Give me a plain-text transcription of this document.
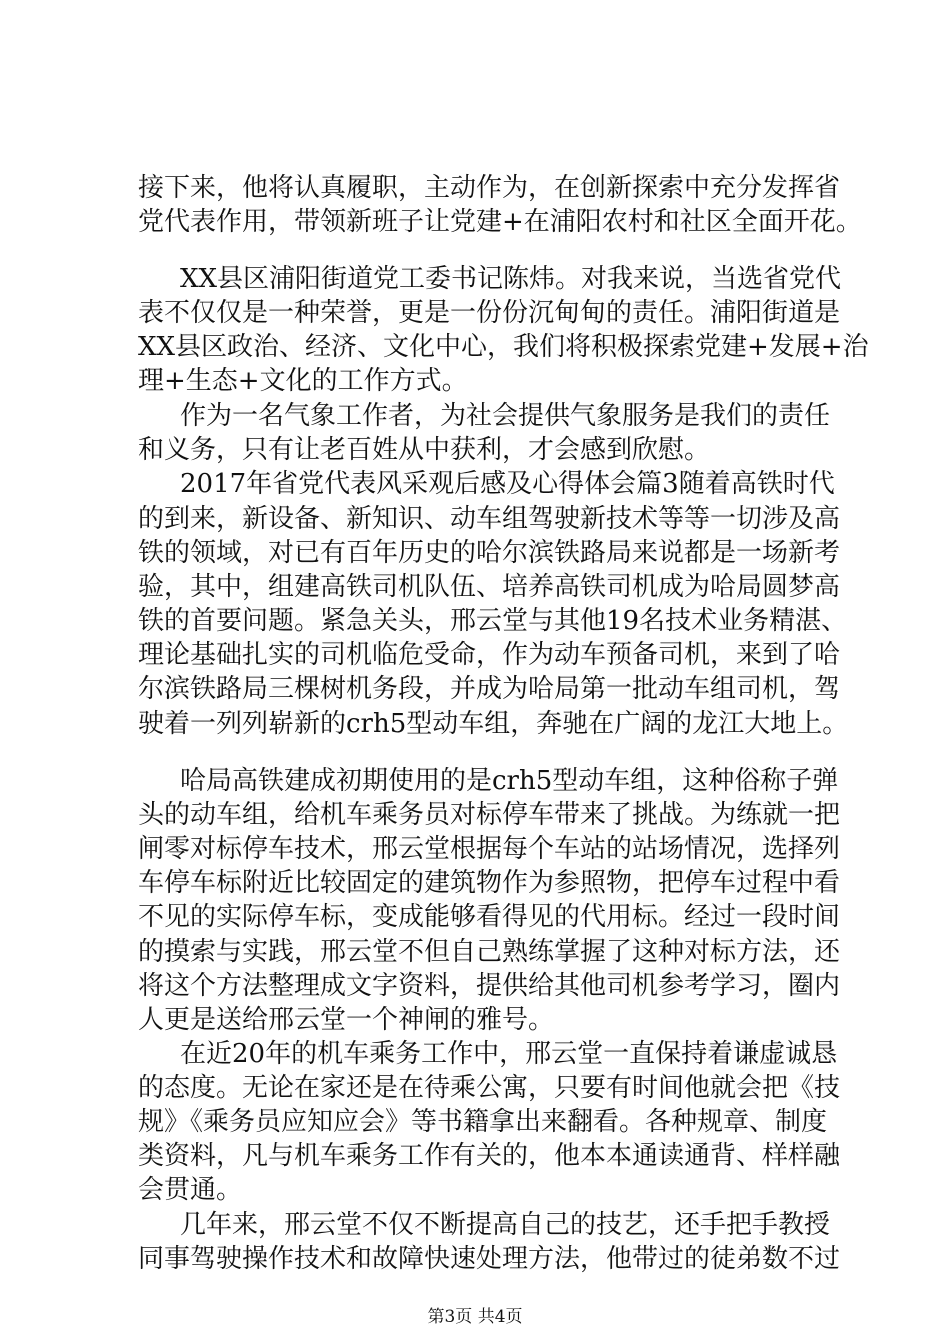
接下来，他将认真履职，主动作为，在创新探索中充分发挥省
党代表作用，带领新班子让党建+在浦阳农村和社区全面开花。
XX县区浦阳街道党工委书记陈炜。对我来说，当选省党代
表不仅仅是一种荣誉，更是一份份沉甸甸的责任。浦阳街道是
XX县区政治、经济、文化中心，我们将积极探索党建+发展+治
理+生态+文化的工作方式。
作为一名气象工作者，为社会提供气象服务是我们的责任
和义务，只有让老百姓从中获利，才会感到欣慰。
2017年省党代表风采观后感及心得体会篇3随着高铁时代
的到来，新设备、新知识、动车组驾驶新技术等等一切涉及高
铁的领域，对已有百年历史的哈尔滨铁路局来说都是一场新考
验，其中，组建高铁司机队伍、培养高铁司机成为哈局圆梦高
铁的首要问题。紧急关头，邢云堂与其他19名技术业务精湛、
理论基础扎实的司机临危受命，作为动车预备司机，来到了哈
尔滨铁路局三棵树机务段，并成为哈局第一批动车组司机，驾
驶着一列列崭新的crh5型动车组，奔驰在广阔的龙江大地上。
哈局高铁建成初期使用的是crh5型动车组，这种俗称子弹
头的动车组，给机车乘务员对标停车带来了挑战。为练就一把
闸零对标停车技术，邢云堂根据每个车站的站场情况，选择列
车停车标附近比较固定的建筑物作为参照物，把停车过程中看
不见的实际停车标，变成能够看得见的代用标。经过一段时间
的摸索与实践，邢云堂不但自己熟练掌握了这种对标方法，还
将这个方法整理成文字资料，提供给其他司机参考学习，圈内
人更是送给邢云堂一个神闸的雅号。
在近20年的机车乘务工作中，邢云堂一直保持着谦虚诚恳
的态度。无论在家还是在待乘公寓，只要有时间他就会把《技
规》《乘务员应知应会》等书籍拿出来翻看。各种规章、制度
类资料，凡与机车乘务工作有关的，他本本通读通背、样样融
会贯通。
几年来，邢云堂不仅不断提高自己的技艺，还手把手教授
同事驾驶操作技术和故障快速处理方法，他带过的徒弟数不过
第3页 共4页
